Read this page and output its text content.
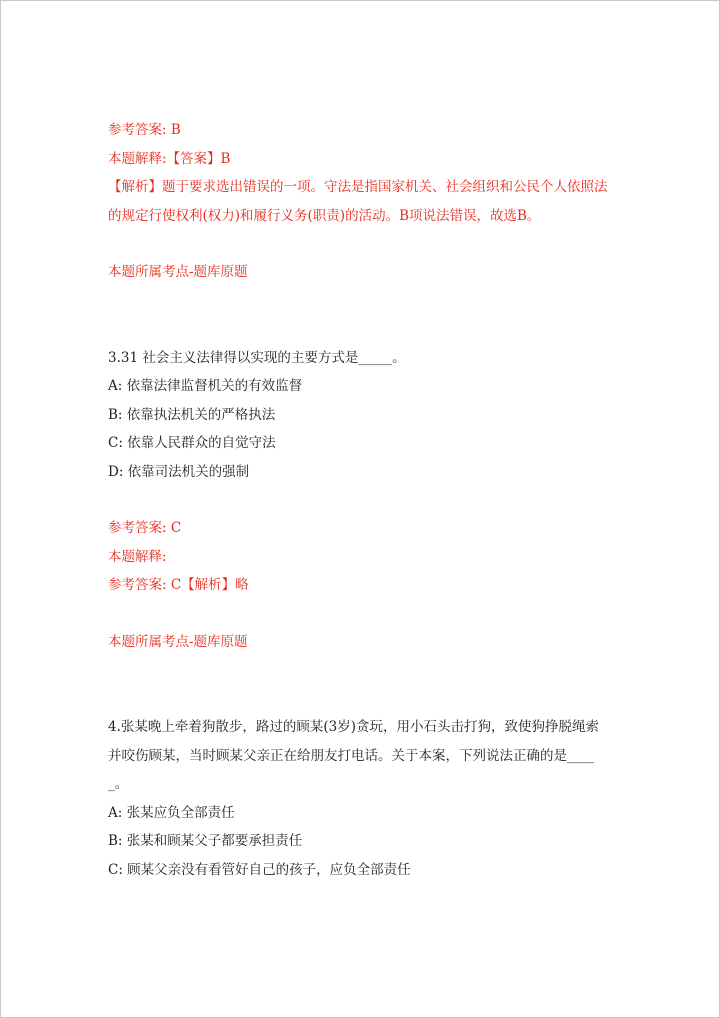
参考答案: B
本题解释:【答案】B
【解析】题于要求选出错误的一项。守法是指国家机关、社会组织和公民个人依照法的规定行使权利(权力)和履行义务(职责)的活动。B项说法错误，故选B。
本题所属考点-题库原题
3.31 社会主义法律得以实现的主要方式是_____。
A: 依靠法律监督机关的有效监督
B: 依靠执法机关的严格执法
C: 依靠人民群众的自觉守法
D: 依靠司法机关的强制
参考答案: C
本题解释:
参考答案: C【解析】略
本题所属考点-题库原题
4.张某晚上牵着狗散步，路过的顾某(3岁)贪玩，用小石头击打狗，致使狗挣脱绳索并咬伤顾某，当时顾某父亲正在给朋友打电话。关于本案，下列说法正确的是_____。
A: 张某应负全部责任
B: 张某和顾某父子都要承担责任
C: 顾某父亲没有看管好自己的孩子，应负全部责任
